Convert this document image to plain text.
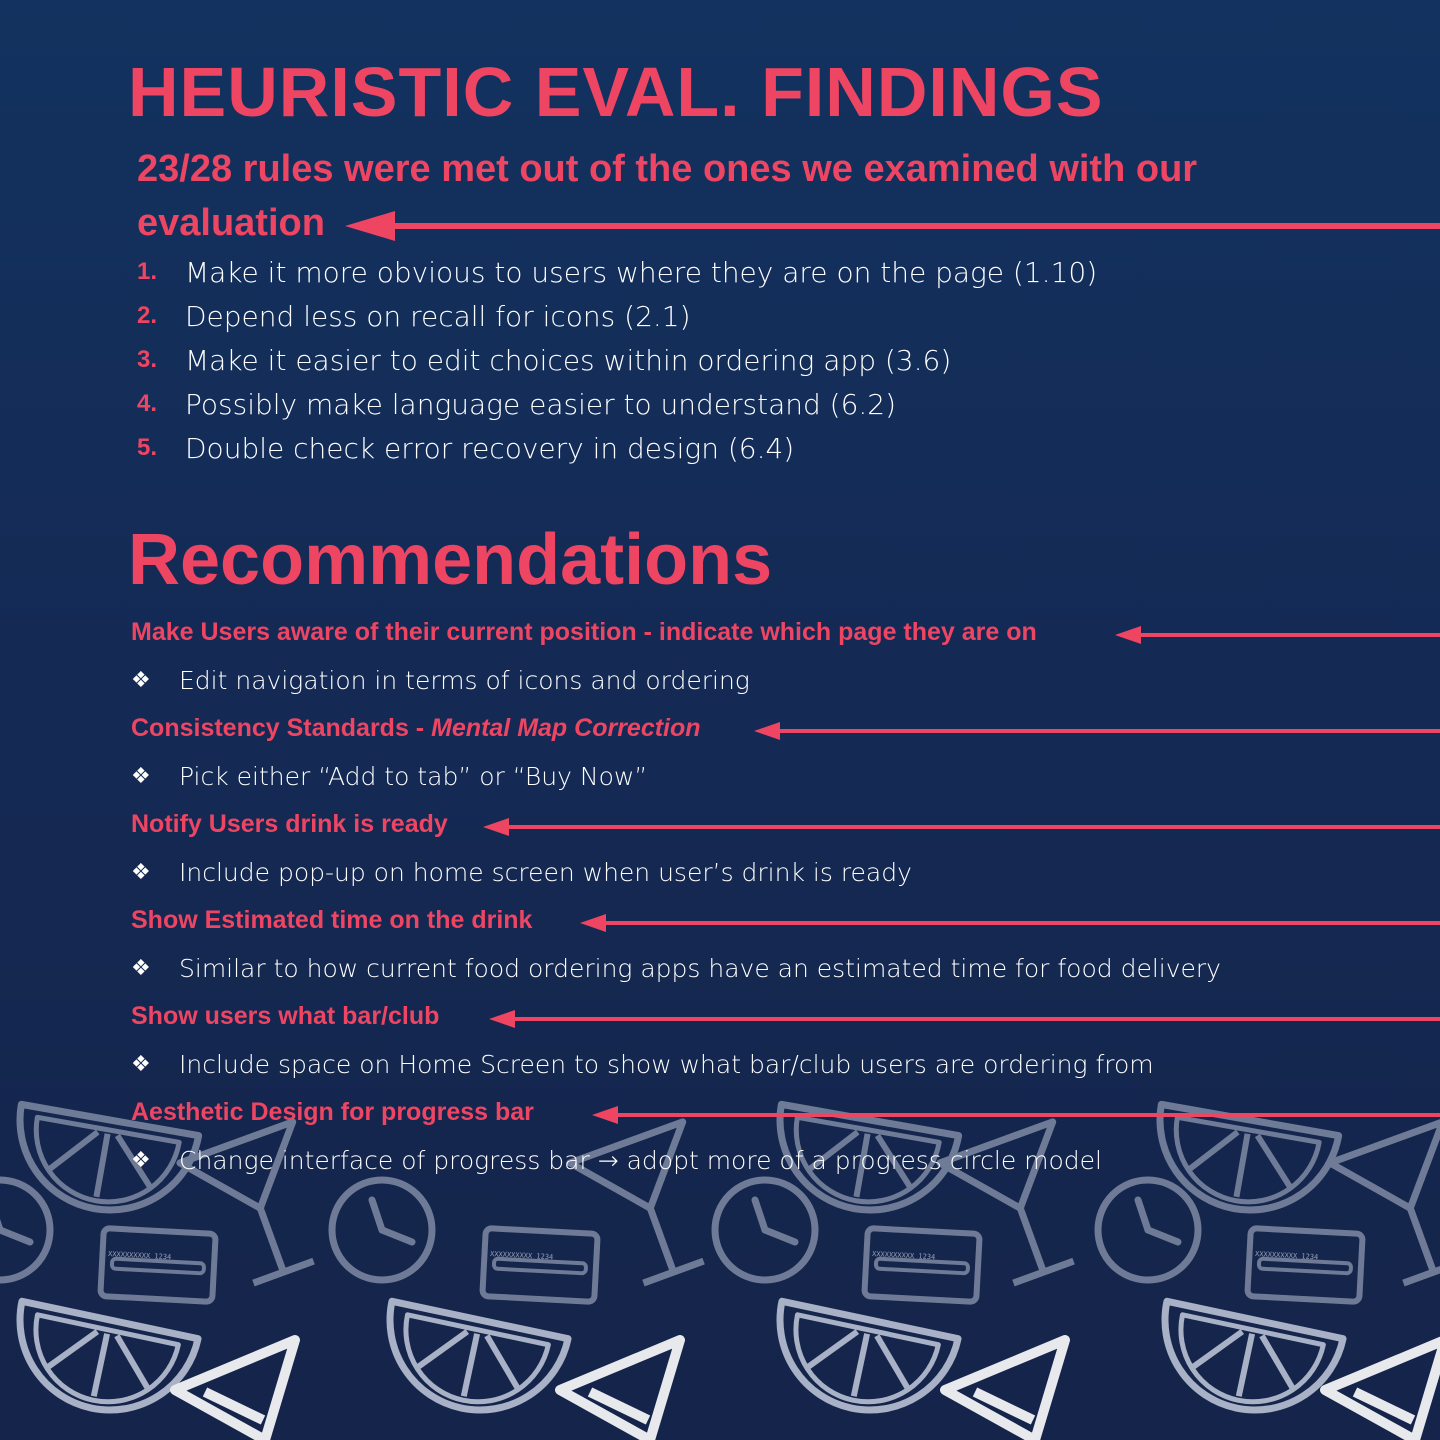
XXXXXXXXXX 1234	XXXXXXXXXX 1234	XXXXXXXXXX 1234	XXXXXXXXXX 1234
HEURISTIC EVAL. FINDINGS

23/28 rules were met out of the ones we examined with our evaluation

1. Make it more obvious to users where they are on the page (1.10)
2. Depend less on recall for icons (2.1)
3. Make it easier to edit choices within ordering app (3.6)
4. Possibly make language easier to understand (6.2)
5. Double check error recovery in design (6.4)
Recommendations
Make Users aware of their current position - indicate which page they are on
❖	Edit navigation in terms of icons and ordering
Consistency Standards - Mental Map Correction
❖	Pick either “Add to tab” or “Buy Now”
Notify Users drink is ready
❖	Include pop-up on home screen when user’s drink is ready
Show Estimated time on the drink
❖	Similar to how current food ordering apps have an estimated time for food delivery
Show users what bar/club
❖	Include space on Home Screen to show what bar/club users are ordering from
Aesthetic Design for progress bar
❖	Change interface of progress bar → adopt more of a progress circle model
